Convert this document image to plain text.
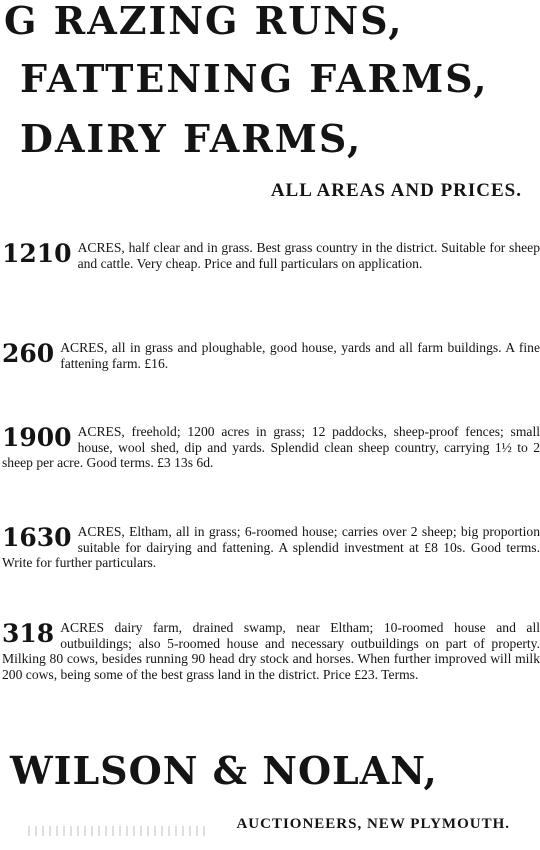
G RAZING RUNS,
FATTENING FARMS,
DAIRY FARMS,
ALL AREAS AND PRICES.
1210 ACRES, half clear and in grass. Best grass country in the district. Suitable for sheep and cattle. Very cheap. Price and full particulars on application.
260 ACRES, all in grass and ploughable, good house, yards and all farm buildings. A fine fattening farm. £16.
1900 ACRES, freehold; 1200 acres in grass; 12 paddocks, sheep-proof fences; small house, wool shed, dip and yards. Splendid clean sheep country, carrying 1½ to 2 sheep per acre. Good terms. £3 13s 6d.
1630 ACRES, Eltham, all in grass; 6-roomed house; carries over 2 sheep; big proportion suitable for dairying and fattening. A splendid investment at £8 10s. Good terms. Write for further particulars.
318 ACRES dairy farm, drained swamp, near Eltham; 10-roomed house and all outbuildings; also 5-roomed house and necessary outbuildings on part of property. Milking 80 cows, besides running 90 head dry stock and horses. When further improved will milk 200 cows, being some of the best grass land in the district. Price £23. Terms.
WILSON & NOLAN,
AUCTIONEERS, NEW PLYMOUTH.
